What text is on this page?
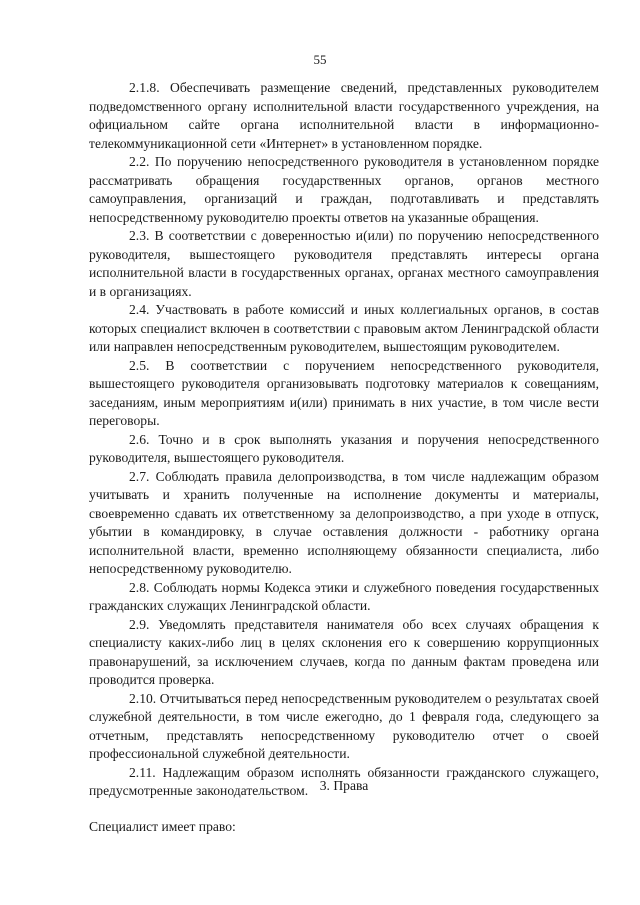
55

2.1.8. Обеспечивать размещение сведений, представленных руководителем подведомственного органу исполнительной власти государственного учреждения, на официальном сайте органа исполнительной власти в информационно-телекоммуникационной сети «Интернет» в установленном порядке.

2.2. По поручению непосредственного руководителя в установленном порядке рассматривать обращения государственных органов, органов местного самоуправления, организаций и граждан, подготавливать и представлять непосредственному руководителю проекты ответов на указанные обращения.

2.3. В соответствии с доверенностью и(или) по поручению непосредственного руководителя, вышестоящего руководителя представлять интересы органа исполнительной власти в государственных органах, органах местного самоуправления и в организациях.

2.4. Участвовать в работе комиссий и иных коллегиальных органов, в состав которых специалист включен в соответствии с правовым актом Ленинградской области или направлен непосредственным руководителем, вышестоящим руководителем.

2.5. В соответствии с поручением непосредственного руководителя, вышестоящего руководителя организовывать подготовку материалов к совещаниям, заседаниям, иным мероприятиям и(или) принимать в них участие, в том числе вести переговоры.

2.6. Точно и в срок выполнять указания и поручения непосредственного руководителя, вышестоящего руководителя.

2.7. Соблюдать правила делопроизводства, в том числе надлежащим образом учитывать и хранить полученные на исполнение документы и материалы, своевременно сдавать их ответственному за делопроизводство, а при уходе в отпуск, убытии в командировку, в случае оставления должности - работнику органа исполнительной власти, временно исполняющему обязанности специалиста, либо непосредственному руководителю.

2.8. Соблюдать нормы Кодекса этики и служебного поведения государственных гражданских служащих Ленинградской области.

2.9. Уведомлять представителя нанимателя обо всех случаях обращения к специалисту каких-либо лиц в целях склонения его к совершению коррупционных правонарушений, за исключением случаев, когда по данным фактам проведена или проводится проверка.

2.10. Отчитываться перед непосредственным руководителем о результатах своей служебной деятельности, в том числе ежегодно, до 1 февраля года, следующего за отчетным, представлять непосредственному руководителю отчет о своей профессиональной служебной деятельности.

2.11. Надлежащим образом исполнять обязанности гражданского служащего, предусмотренные законодательством. 3. Права

Специалист имеет право:
